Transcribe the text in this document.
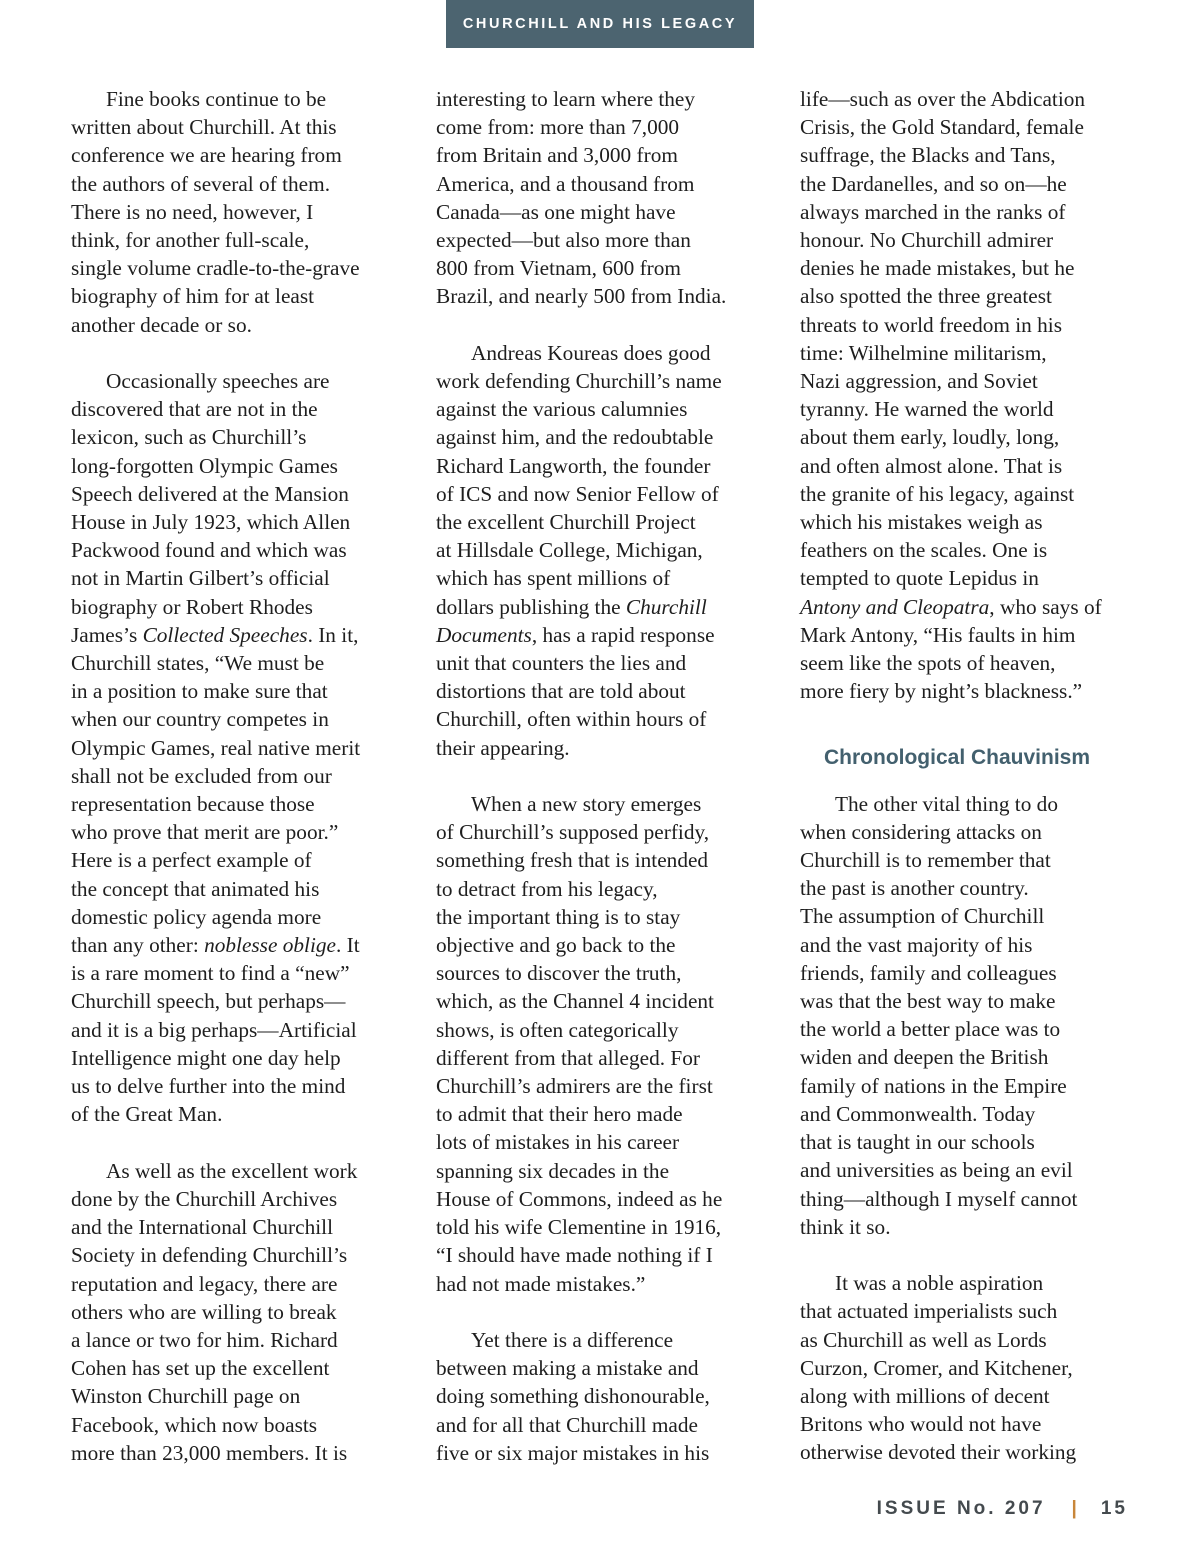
CHURCHILL AND HIS LEGACY

Fine books continue to be
written about Churchill. At this
conference we are hearing from
the authors of several of them.
There is no need, however, I
think, for another full-scale,
single volume cradle-to-the-grave
biography of him for at least
another decade or so.

Occasionally speeches are
discovered that are not in the
lexicon, such as Churchill’s
long-forgotten Olympic Games
Speech delivered at the Mansion
House in July 1923, which Allen
Packwood found and which was
not in Martin Gilbert’s official
biography or Robert Rhodes
James’s Collected Speeches. In it,
Churchill states, “We must be
in a position to make sure that
when our country competes in
Olympic Games, real native merit
shall not be excluded from our
representation because those
who prove that merit are poor.”
Here is a perfect example of
the concept that animated his
domestic policy agenda more
than any other: noblesse oblige. It
is a rare moment to find a “new”
Churchill speech, but perhaps—
and it is a big perhaps—Artificial
Intelligence might one day help
us to delve further into the mind
of the Great Man.

As well as the excellent work
done by the Churchill Archives
and the International Churchill
Society in defending Churchill’s
reputation and legacy, there are
others who are willing to break
a lance or two for him. Richard
Cohen has set up the excellent
Winston Churchill page on
Facebook, which now boasts
more than 23,000 members. It is

interesting to learn where they
come from: more than 7,000
from Britain and 3,000 from
America, and a thousand from
Canada—as one might have
expected—but also more than
800 from Vietnam, 600 from
Brazil, and nearly 500 from India.

Andreas Koureas does good
work defending Churchill’s name
against the various calumnies
against him, and the redoubtable
Richard Langworth, the founder
of ICS and now Senior Fellow of
the excellent Churchill Project
at Hillsdale College, Michigan,
which has spent millions of
dollars publishing the Churchill
Documents, has a rapid response
unit that counters the lies and
distortions that are told about
Churchill, often within hours of
their appearing.

When a new story emerges
of Churchill’s supposed perfidy,
something fresh that is intended
to detract from his legacy,
the important thing is to stay
objective and go back to the
sources to discover the truth,
which, as the Channel 4 incident
shows, is often categorically
different from that alleged. For
Churchill’s admirers are the first
to admit that their hero made
lots of mistakes in his career
spanning six decades in the
House of Commons, indeed as he
told his wife Clementine in 1916,
“I should have made nothing if I
had not made mistakes.”

Yet there is a difference
between making a mistake and
doing something dishonourable,
and for all that Churchill made
five or six major mistakes in his

life—such as over the Abdication
Crisis, the Gold Standard, female
suffrage, the Blacks and Tans,
the Dardanelles, and so on—he
always marched in the ranks of
honour. No Churchill admirer
denies he made mistakes, but he
also spotted the three greatest
threats to world freedom in his
time: Wilhelmine militarism,
Nazi aggression, and Soviet
tyranny. He warned the world
about them early, loudly, long,
and often almost alone. That is
the granite of his legacy, against
which his mistakes weigh as
feathers on the scales. One is
tempted to quote Lepidus in
Antony and Cleopatra, who says of
Mark Antony, “His faults in him
seem like the spots of heaven,
more fiery by night’s blackness.”

Chronological Chauvinism

The other vital thing to do
when considering attacks on
Churchill is to remember that
the past is another country.
The assumption of Churchill
and the vast majority of his
friends, family and colleagues
was that the best way to make
the world a better place was to
widen and deepen the British
family of nations in the Empire
and Commonwealth. Today
that is taught in our schools
and universities as being an evil
thing—although I myself cannot
think it so.

It was a noble aspiration
that actuated imperialists such
as Churchill as well as Lords
Curzon, Cromer, and Kitchener,
along with millions of decent
Britons who would not have
otherwise devoted their working

ISSUE No. 207 | 15
